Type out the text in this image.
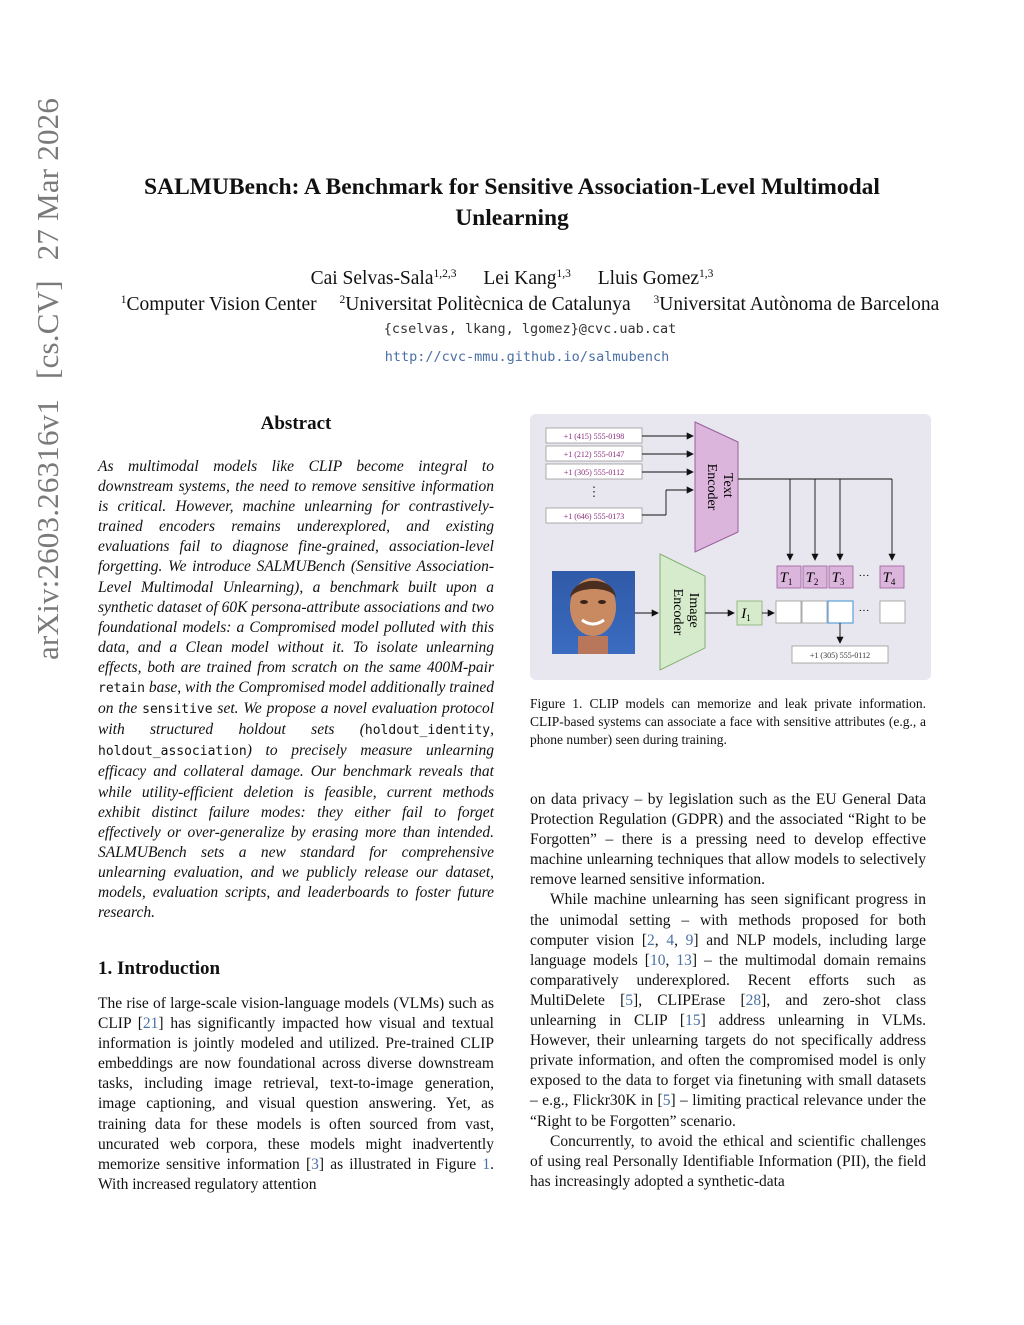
arXiv:2603.26316v1
[cs.CV]
27 Mar 2026	SALMUBench: A Benchmark for Sensitive Association-Level Multimodal
Unlearning
Cai Selvas-Sala$^{1,2,3}$ Lei Kang$^{1,3}$ Lluis Gomez$^{1,3}$
$^1$Computer Vision Center $^2$Universitat Politècnica de Catalunya $^3$Universitat Autònoma de Barcelona
{cselvas, lkang, lgomez}@cvc.uab.cat
http://cvc-mmu.github.io/salmubench
Abstract
As multimodal models like CLIP become integral to downstream systems, the need to remove sensitive information is critical. However, machine unlearning for contrastively-trained encoders remains underexplored, and existing evaluations fail to diagnose fine-grained, association-level forgetting. We introduce SALMUBench (Sensitive Association-Level Multimodal Unlearning), a benchmark built upon a synthetic dataset of 60K persona-attribute associations and two foundational models: a Compromised model polluted with this data, and a Clean model without it. To isolate unlearning effects, both are trained from scratch on the same 400M-pair retain base, with the Compromised model additionally trained on the sensitive set. We propose a novel evaluation protocol with structured holdout sets (holdout_identity, holdout_association) to precisely measure unlearning efficacy and collateral damage. Our benchmark reveals that while utility-efficient deletion is feasible, current methods exhibit distinct failure modes: they either fail to forget effectively or over-generalize by erasing more than intended. SALMUBench sets a new standard for comprehensive unlearning evaluation, and we publicly release our dataset, models, evaluation scripts, and leaderboards to foster future research.
1. Introduction

The rise of large-scale vision-language models (VLMs) such as CLIP [21] has significantly impacted how visual and textual information is jointly modeled and utilized. Pre-trained CLIP embeddings are now foundational across diverse downstream tasks, including image retrieval, text-to-image generation, image captioning, and visual question answering. Yet, as training data for these models is often sourced from vast, uncurated web corpora, these models might inadvertently memorize sensitive information [3] as illustrated in Figure 1. With increased regulatory attention

+1 (415) 555-0198
+1 (212) 555-0147
+1 (305) 555-0112
⋮
+1 (646) 555-0173
Text Encoder
$T_1$ $T_2$ $T_3$ ··· $T_4$
···
Image Encoder	$I_1$
+1 (305) 555-0112
Figure 1. CLIP models can memorize and leak private information. CLIP-based systems can associate a face with sensitive attributes (e.g., a phone number) seen during training.

on data privacy – by legislation such as the EU General Data Protection Regulation (GDPR) and the associated “Right to be Forgotten” – there is a pressing need to develop effective machine unlearning techniques that allow models to selectively remove learned sensitive information.

While machine unlearning has seen significant progress in the unimodal setting – with methods proposed for both computer vision [2, 4, 9] and NLP models, including large language models [10, 13] – the multimodal domain remains comparatively underexplored. Recent efforts such as MultiDelete [5], CLIPErase [28], and zero-shot class unlearning in CLIP [15] address unlearning in VLMs. However, their unlearning targets do not specifically address private information, and often the compromised model is only exposed to the data to forget via finetuning with small datasets – e.g., Flickr30K in [5] – limiting practical relevance under the “Right to be Forgotten” scenario.

Concurrently, to avoid the ethical and scientific challenges of using real Personally Identifiable Information (PII), the field has increasingly adopted a synthetic-data
